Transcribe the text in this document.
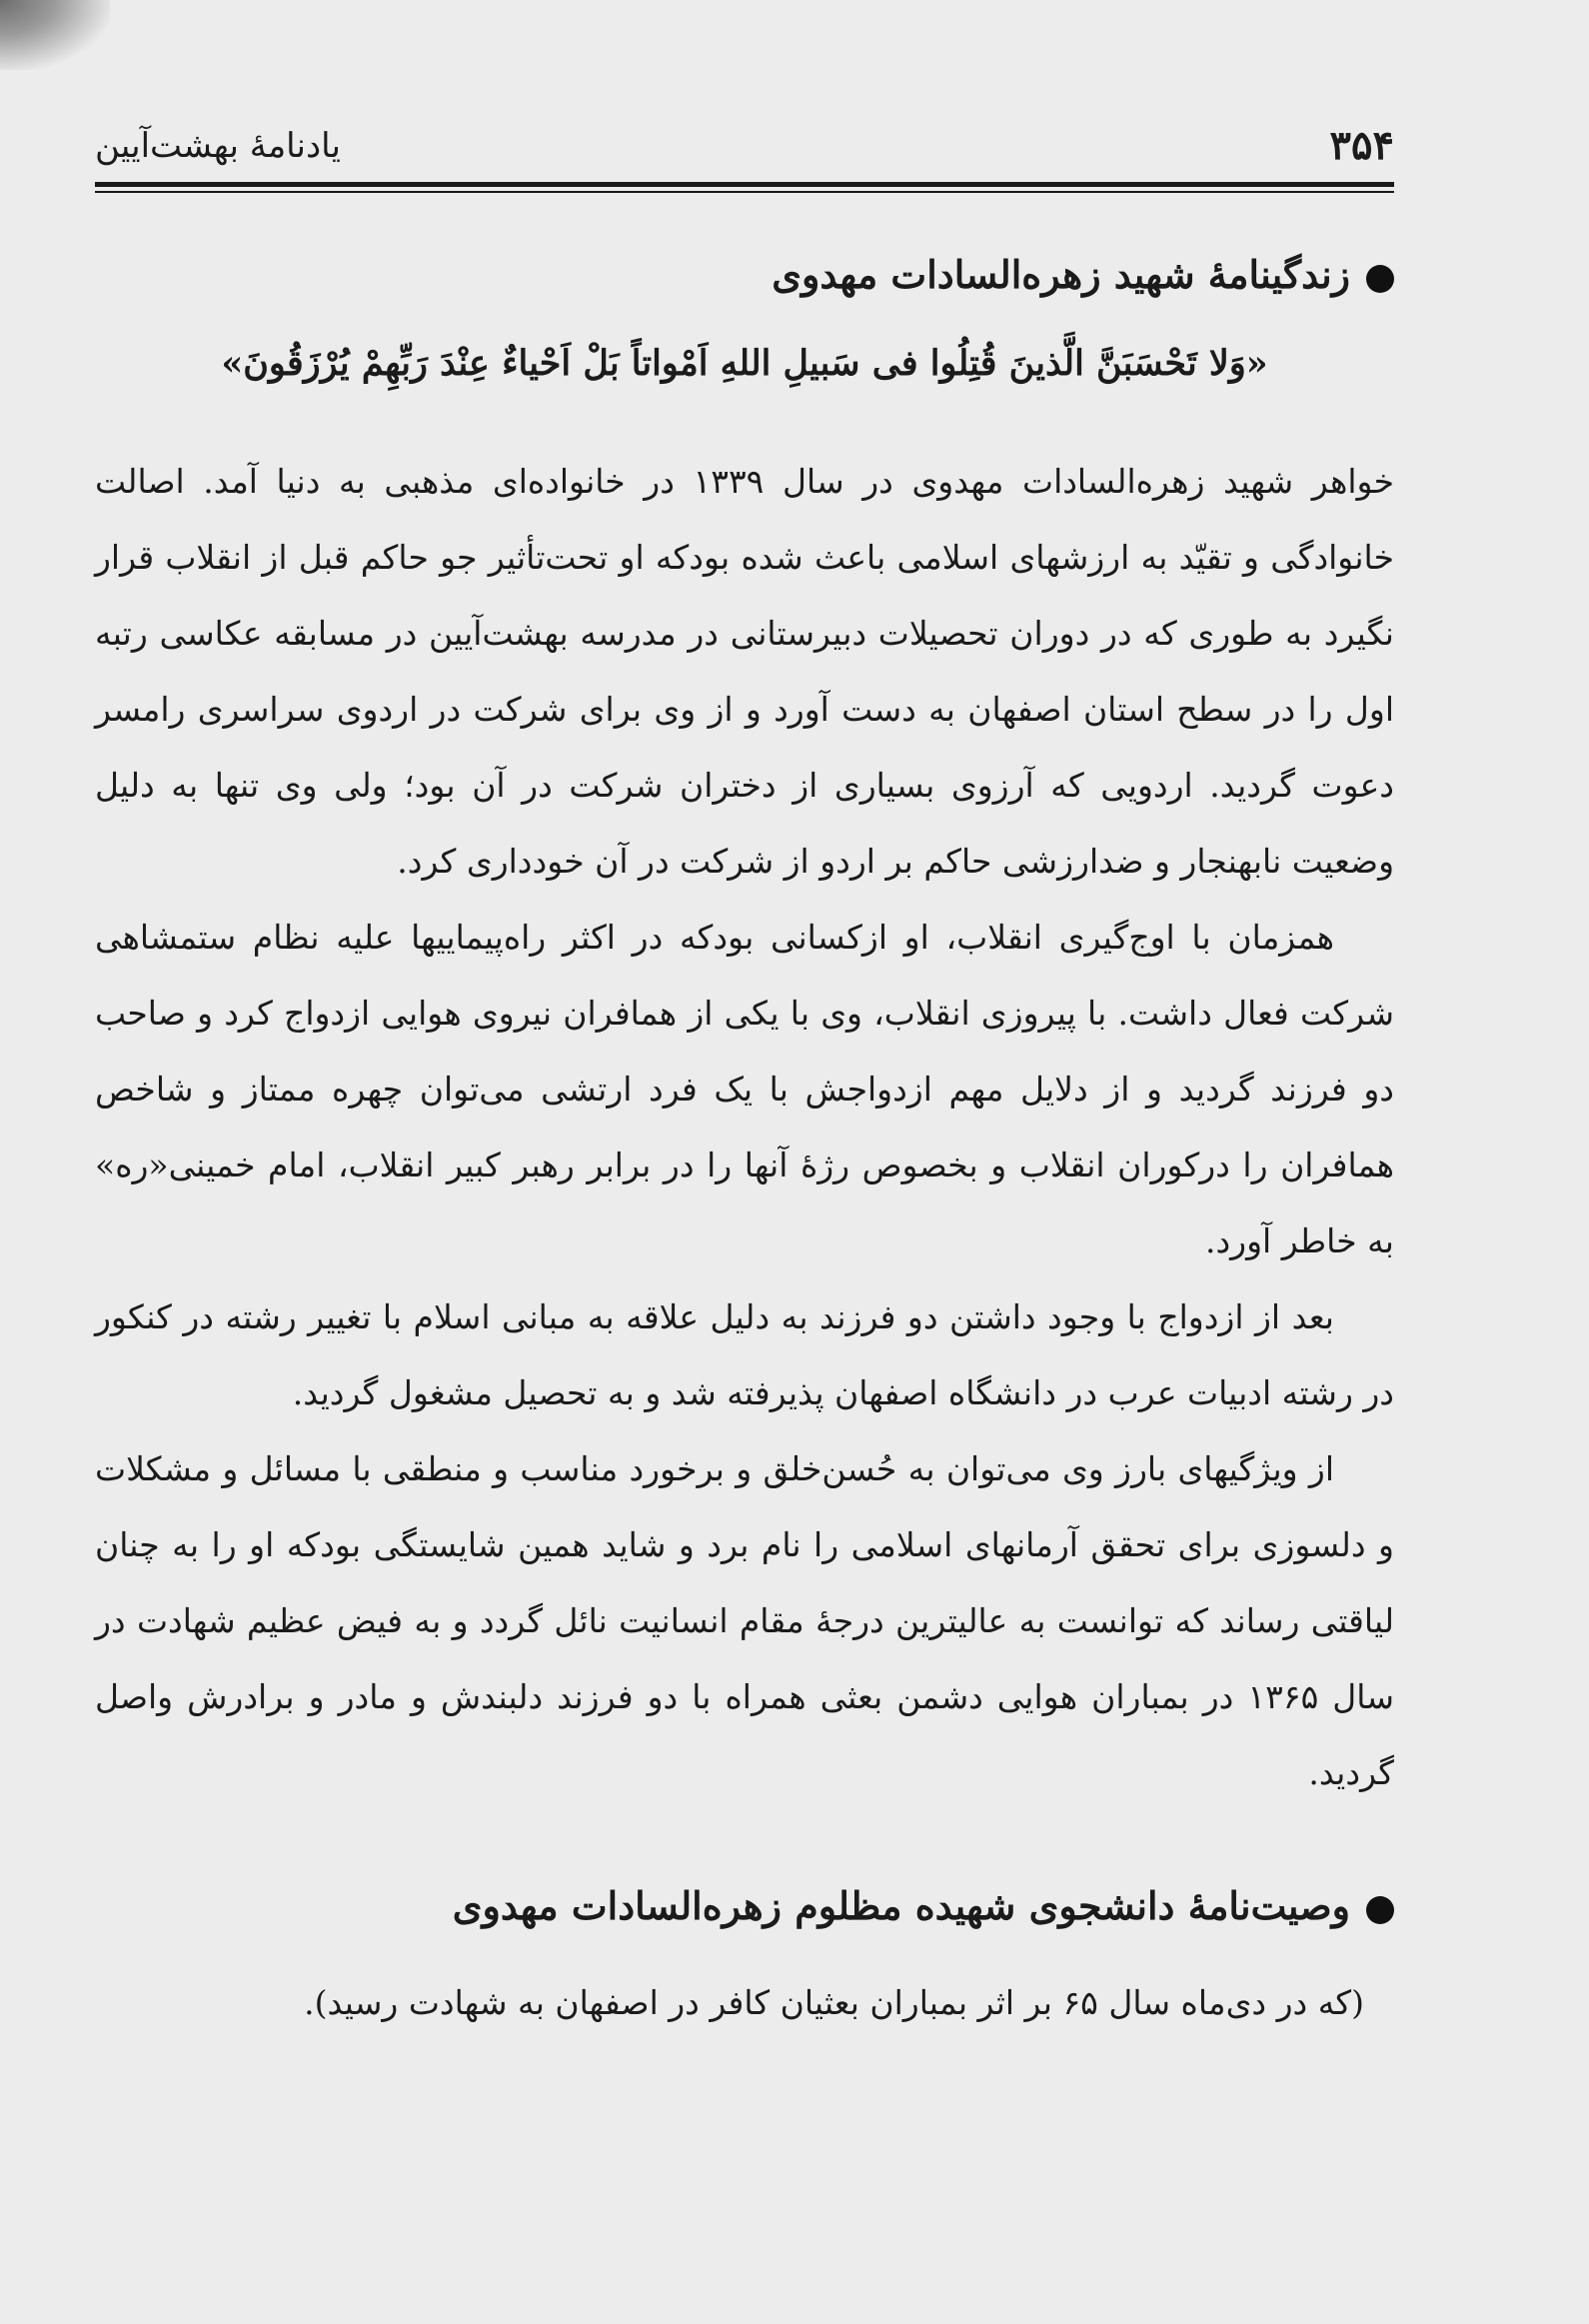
۳۵۴
یادنامهٔ بهشت‌آیین
زندگینامهٔ شهید زهره‌السادات مهدوی

«وَلا تَحْسَبَنَّ الَّذینَ قُتِلُوا فی سَبیلِ اللهِ اَمْواتاً بَلْ اَحْیاءٌ عِنْدَ رَبِّهِمْ یُرْزَقُونَ»

خواهر شهید زهره‌السادات مهدوی در سال ۱۳۳۹ در خانواده‌ای مذهبی به دنیا آمد. اصالت خانوادگی و تقیّد به ارزشهای اسلامی باعث شده بودکه او تحت‌تأثیر جو حاکم قبل از انقلاب قرار نگیرد به طوری که در دوران تحصیلات دبیرستانی در مدرسه بهشت‌آیین در مسابقه عکاسی رتبه اول را در سطح استان اصفهان به دست آورد و از وی برای شرکت در اردوی سراسری رامسر دعوت گردید. اردویی که آرزوی بسیاری از دختران شرکت در آن بود؛ ولی وی تنها به دلیل وضعیت نابهنجار و ضدارزشی حاکم بر اردو از شرکت در آن خودداری کرد.

همزمان با اوج‌گیری انقلاب، او ازکسانی بودکه در اکثر راه‌پیماییها علیه نظام ستمشاهی شرکت فعال داشت. با پیروزی انقلاب، وی با یکی از همافران نیروی هوایی ازدواج کرد و صاحب دو فرزند گردید و از دلایل مهم ازدواجش با یک فرد ارتشی می‌توان چهره ممتاز و شاخص همافران را درکوران انقلاب و بخصوص رژهٔ آنها را در برابر رهبر کبیر انقلاب، امام خمینی«ره» به خاطر آورد.

بعد از ازدواج با وجود داشتن دو فرزند به دلیل علاقه به مبانی اسلام با تغییر رشته در کنکور در رشته ادبیات عرب در دانشگاه اصفهان پذیرفته شد و به تحصیل مشغول گردید.

از ویژگیهای بارز وی می‌توان به حُسن‌خلق و برخورد مناسب و منطقی با مسائل و مشکلات و دلسوزی برای تحقق آرمانهای اسلامی را نام برد و شاید همین شایستگی بودکه او را به چنان لیاقتی رساند که توانست به عالیترین درجهٔ مقام انسانیت نائل گردد و به فیض عظیم شهادت در سال ۱۳۶۵ در بمباران هوایی دشمن بعثی همراه با دو فرزند دلبندش و مادر و برادرش واصل گردید.

وصیت‌نامهٔ دانشجوی شهیده مظلوم زهره‌السادات مهدوی

(که در دی‌ماه سال ۶۵ بر اثر بمباران بعثیان کافر در اصفهان به شهادت رسید).
